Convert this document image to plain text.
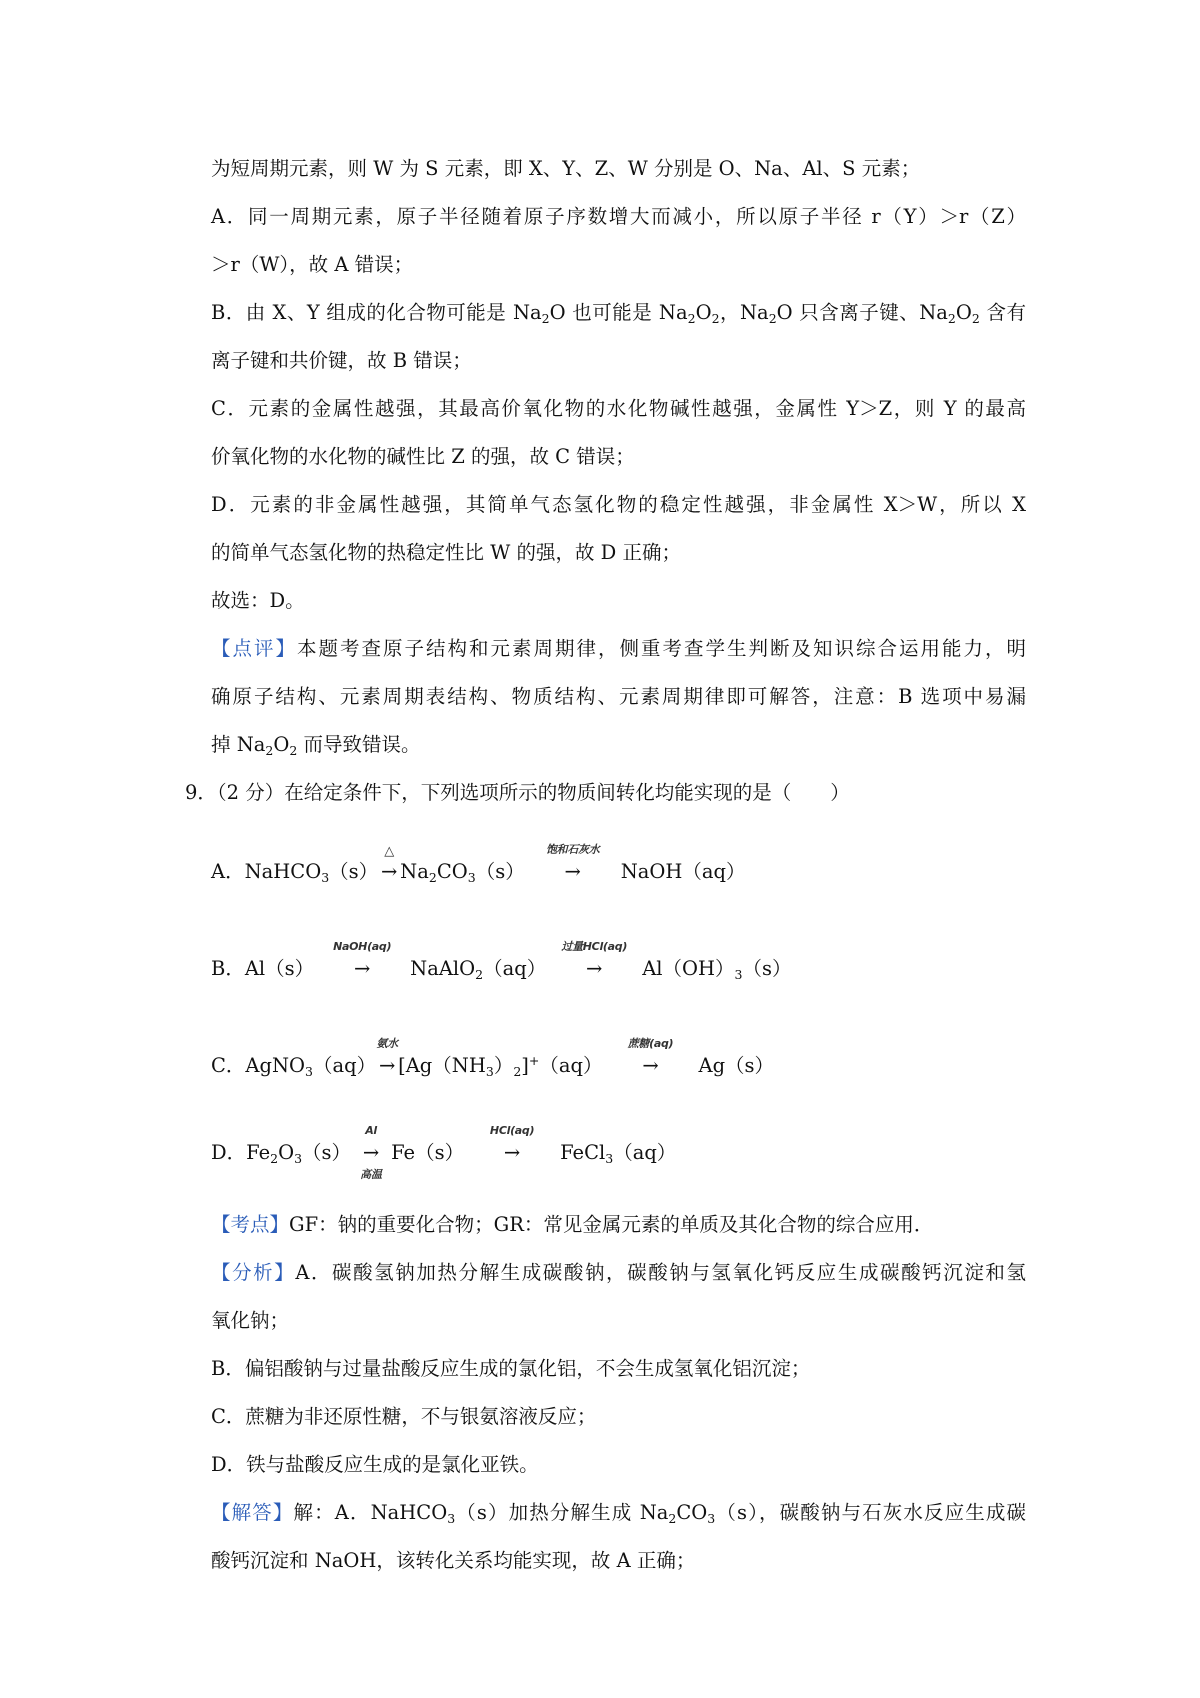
为短周期元素，则 W 为 S 元素，即 X、Y、Z、W 分别是 O、Na、Al、S 元素；
A．同一周期元素，原子半径随着原子序数增大而减小，所以原子半径 r（Y）＞r（Z）
＞r（W），故 A 错误；
B．由 X、Y 组成的化合物可能是 $Na_2O$ 也可能是 $Na_2O_2$，$Na_2O$ 只含离子键、$Na_2O_2$ 含有
离子键和共价键，故 B 错误；
C．元素的金属性越强，其最高价氧化物的水化物碱性越强，金属性 Y＞Z，则 Y 的最高
价氧化物的水化物的碱性比 Z 的强，故 C 错误；
D．元素的非金属性越强，其简单气态氢化物的稳定性越强，非金属性 X＞W，所以 X
的简单气态氢化物的热稳定性比 W 的强，故 D 正确；
故选：D。
【点评】本题考查原子结构和元素周期律，侧重考查学生判断及知识综合运用能力，明
确原子结构、元素周期表结构、物质结构、元素周期律即可解答，注意：B 选项中易漏
掉 $Na_2O_2$ 而导致错误。
9．（2 分）在给定条件下，下列选项所示的物质间转化均能实现的是（　　）
A．NaHCO$_3$（s）
△
→ $Na_2CO_3(s)$
饱和石灰水
→ NaOH（aq）
B．Al（s）
NaOH(aq)
→ NaAlO$_2$（aq）
过量HCl(aq)
→ $Al(OH)_3(s)$
C．AgNO$_3$（aq）
氨水
→ $[Ag(NH_3)_2]^+(aq)$
蔗糖(aq)
→ Ag（s）
D．$Fe_2O_3(s)$
Al
→
高温
Fe（s）
HCl(aq)
→ FeCl$_3$（aq）
【考点】GF：钠的重要化合物；GR：常见金属元素的单质及其化合物的综合应用．
【分析】A．碳酸氢钠加热分解生成碳酸钠，碳酸钠与氢氧化钙反应生成碳酸钙沉淀和氢
氧化钠；
B．偏铝酸钠与过量盐酸反应生成的氯化铝，不会生成氢氧化铝沉淀；
C．蔗糖为非还原性糖，不与银氨溶液反应；
D．铁与盐酸反应生成的是氯化亚铁。
【解答】解：A．NaHCO$_3$（s）加热分解生成 $Na_2CO_3(s)$，碳酸钠与石灰水反应生成碳
酸钙沉淀和 NaOH，该转化关系均能实现，故 A 正确；
